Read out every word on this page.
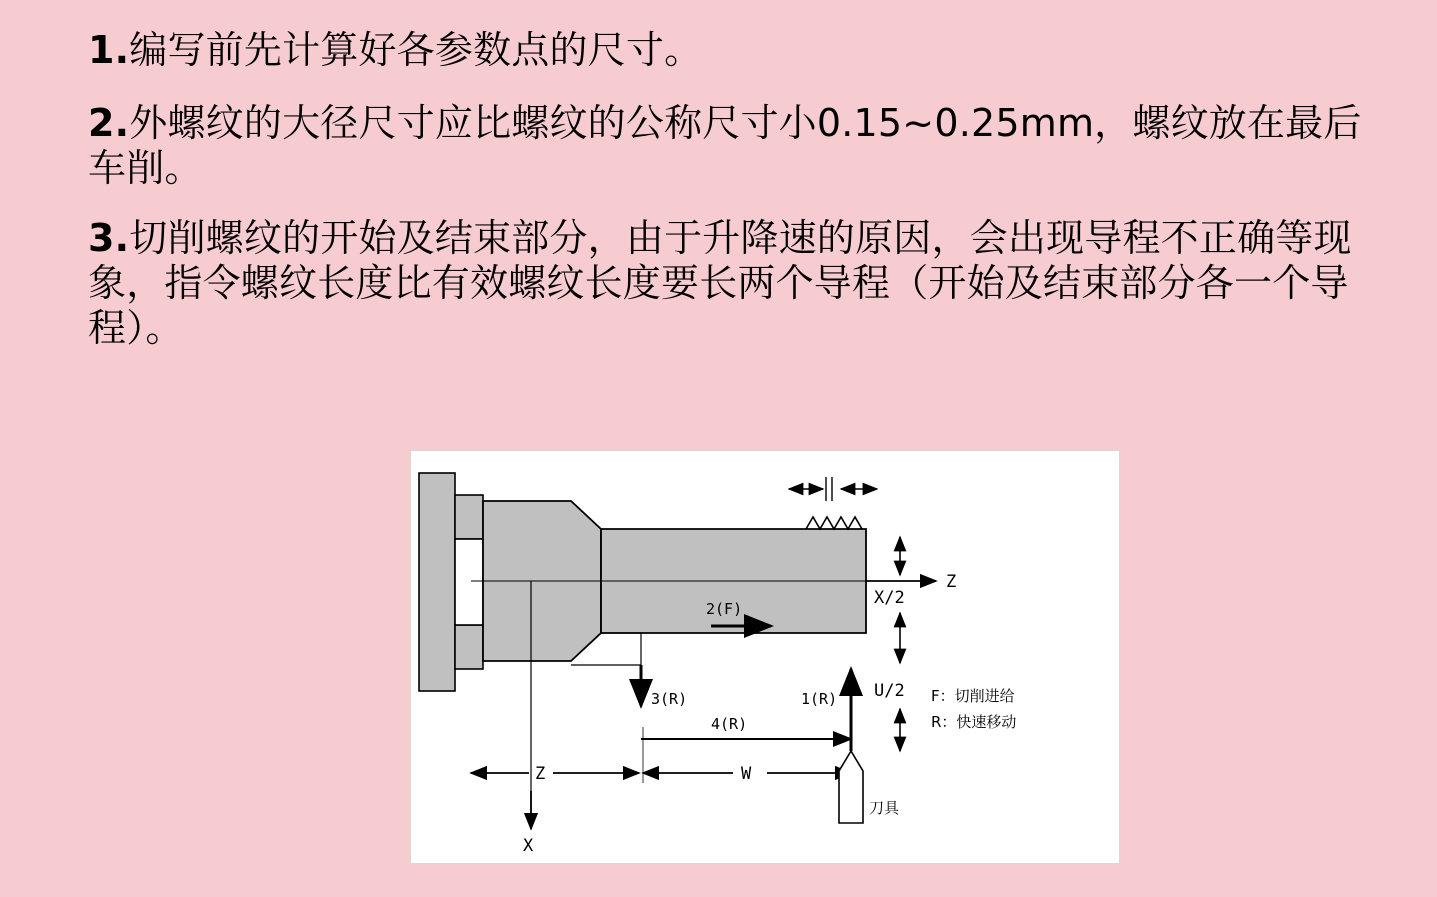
1.编写前先计算好各参数点的尺寸。
2.外螺纹的大径尺寸应比螺纹的公称尺寸小0.15~0.25mm，螺纹放在最后车削。
3.切削螺纹的开始及结束部分，由于升降速的原因，会出现导程不正确等现象，指令螺纹长度比有效螺纹长度要长两个导程（开始及结束部分各一个导程）。
Z
X
X/2
U/2
2(F)
3(R)
4(R)
1(R)
Z	W
刀具
F：切削进给
R：快速移动
